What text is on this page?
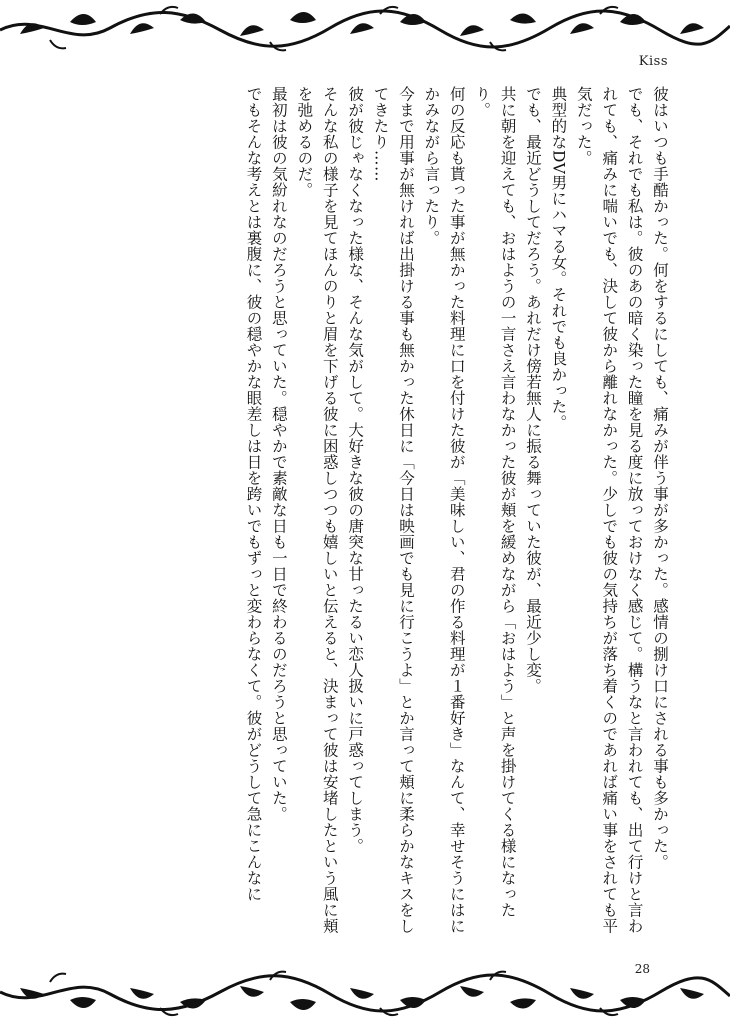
Kiss

彼はいつも手酷かった。何をするにしても、痛みが伴う事が多かった。感情の捌け口にされる事も多かった。

でも、それでも私は。彼のあの暗く染った瞳を見る度に放っておけなく感じて。構うなと言われても、出て行けと言われても、痛みに喘いでも、決して彼から離れなかった。少しでも彼の気持ちが落ち着くのであれば痛い事をされても平気だった。

典型的なDV男にハマる女。それでも良かった。

でも、最近どうしてだろう。あれだけ傍若無人に振る舞っていた彼が、最近少し変。

共に朝を迎えても、おはようの一言さえ言わなかった彼が頬を緩めながら「おはよう」と声を掛けてくる様になったり。

何の反応も貰った事が無かった料理に口を付けた彼が「美味しい、君の作る料理が１番好き」なんて、幸せそうにはにかみながら言ったり。

今まで用事が無ければ出掛ける事も無かった休日に「今日は映画でも見に行こうよ」とか言って頬に柔らかなキスをしてきたり……

彼が彼じゃなくなった様な、そんな気がして。大好きな彼の唐突な甘ったるい恋人扱いに戸惑ってしまう。

そんな私の様子を見てほんのりと眉を下げる彼に困惑しつつも嬉しいと伝えると、決まって彼は安堵したという風に頬を弛めるのだ。

最初は彼の気紛れなのだろうと思っていた。穏やかで素敵な日も一日で終わるのだろうと思っていた。

でもそんな考えとは裏腹に、彼の穏やかな眼差しは日を跨いでもずっと変わらなくて。彼がどうして急にこんなに

28
